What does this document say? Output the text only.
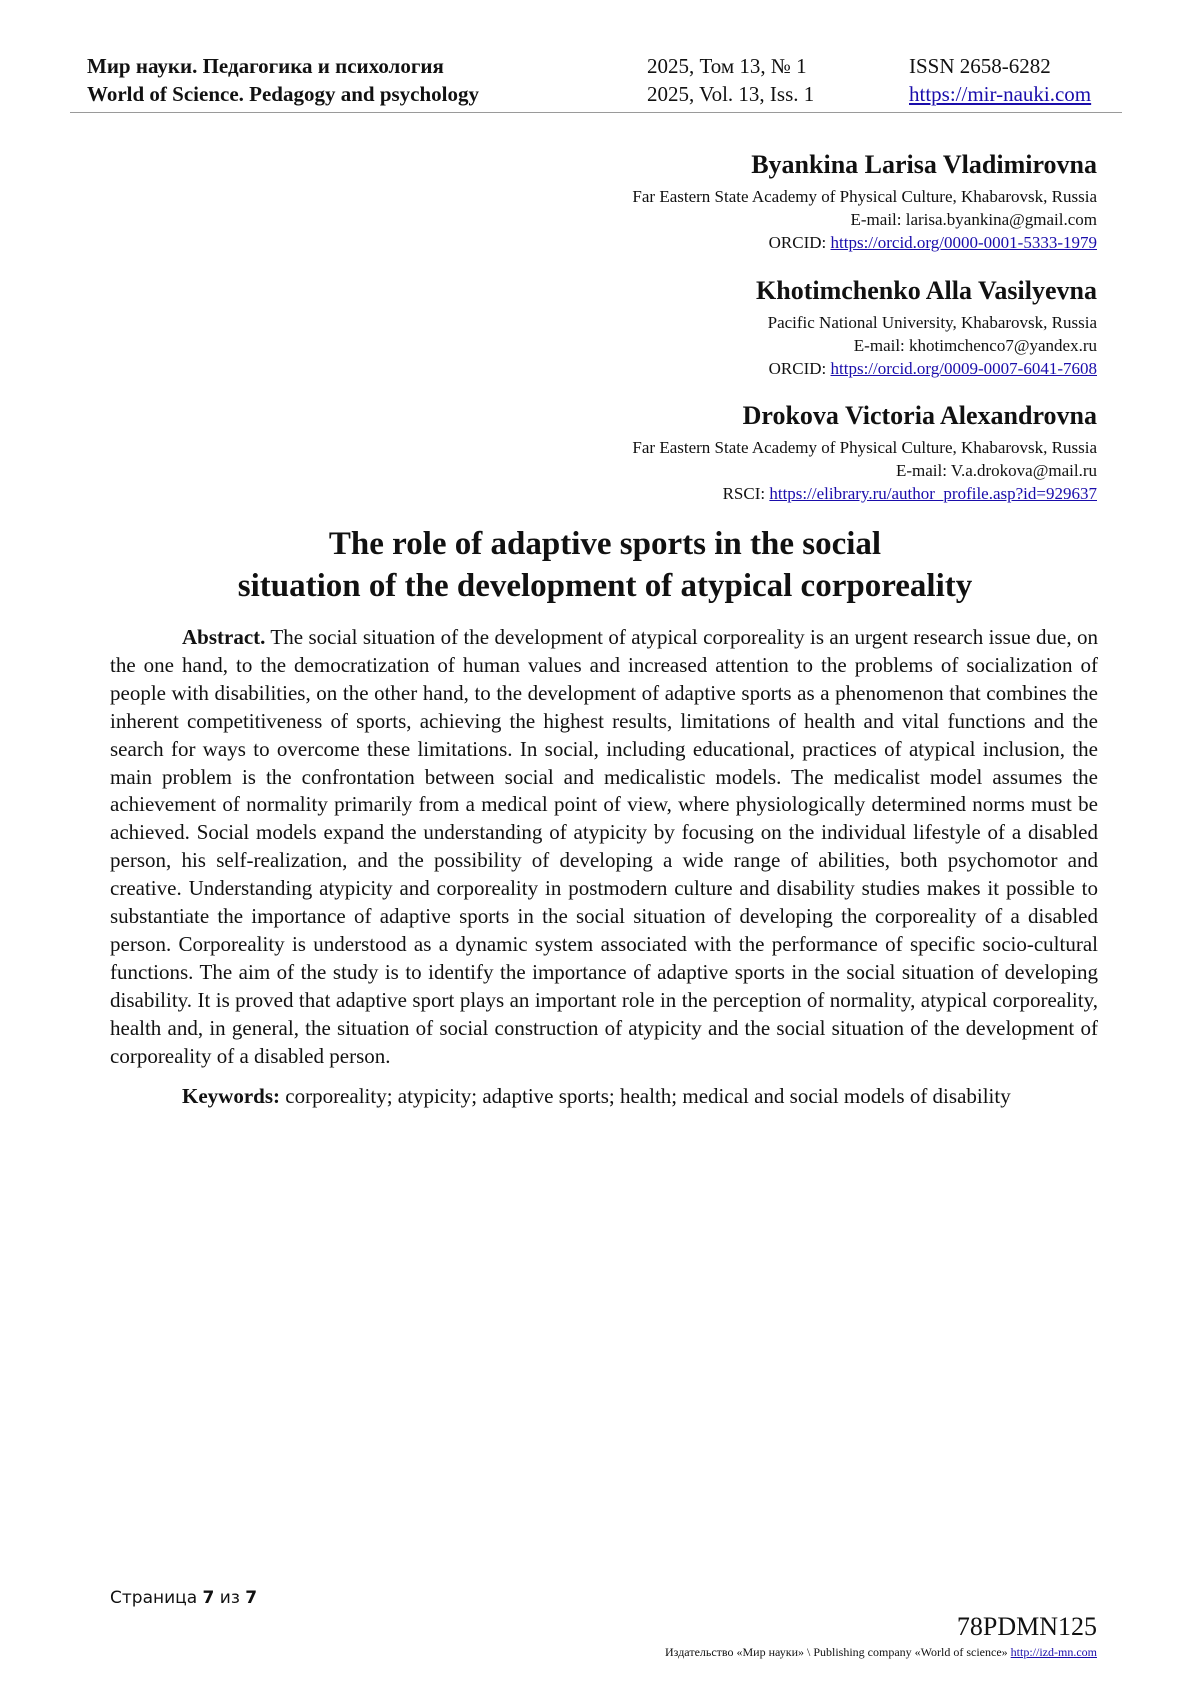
Мир науки. Педагогика и психология	2025, Том 13, № 1	ISSN 2658-6282
World of Science. Pedagogy and psychology	2025, Vol. 13, Iss. 1	https://mir-nauki.com
Byankina Larisa Vladimirovna
Far Eastern State Academy of Physical Culture, Khabarovsk, Russia
E-mail: larisa.byankina@gmail.com
ORCID: https://orcid.org/0000-0001-5333-1979
Khotimchenko Alla Vasilyevna
Pacific National University, Khabarovsk, Russia
E-mail: khotimchenco7@yandex.ru
ORCID: https://orcid.org/0009-0007-6041-7608
Drokova Victoria Alexandrovna
Far Eastern State Academy of Physical Culture, Khabarovsk, Russia
E-mail: V.a.drokova@mail.ru
RSCI: https://elibrary.ru/author_profile.asp?id=929637
The role of adaptive sports in the social
situation of the development of atypical corporeality

Abstract. The social situation of the development of atypical corporeality is an urgent research issue due, on the one hand, to the democratization of human values and increased attention to the problems of socialization of people with disabilities, on the other hand, to the development of adaptive sports as a phenomenon that combines the inherent competitiveness of sports, achieving the highest results, limitations of health and vital functions and the search for ways to overcome these limitations. In social, including educational, practices of atypical inclusion, the main problem is the confrontation between social and medicalistic models. The medicalist model assumes the achievement of normality primarily from a medical point of view, where physiologically determined norms must be achieved. Social models expand the understanding of atypicity by focusing on the individual lifestyle of a disabled person, his self-realization, and the possibility of developing a wide range of abilities, both psychomotor and creative. Understanding atypicity and corporeality in postmodern culture and disability studies makes it possible to substantiate the importance of adaptive sports in the social situation of developing the corporeality of a disabled person. Corporeality is understood as a dynamic system associated with the performance of specific socio-cultural functions. The aim of the study is to identify the importance of adaptive sports in the social situation of developing disability. It is proved that adaptive sport plays an important role in the perception of normality, atypical corporeality, health and, in general, the situation of social construction of atypicity and the social situation of the development of corporeality of a disabled person.

Keywords: corporeality; atypicity; adaptive sports; health; medical and social models of disability

Страница 7 из 7
78PDMN125
Издательство «Мир науки» \ Publishing company «World of science» http://izd-mn.com
